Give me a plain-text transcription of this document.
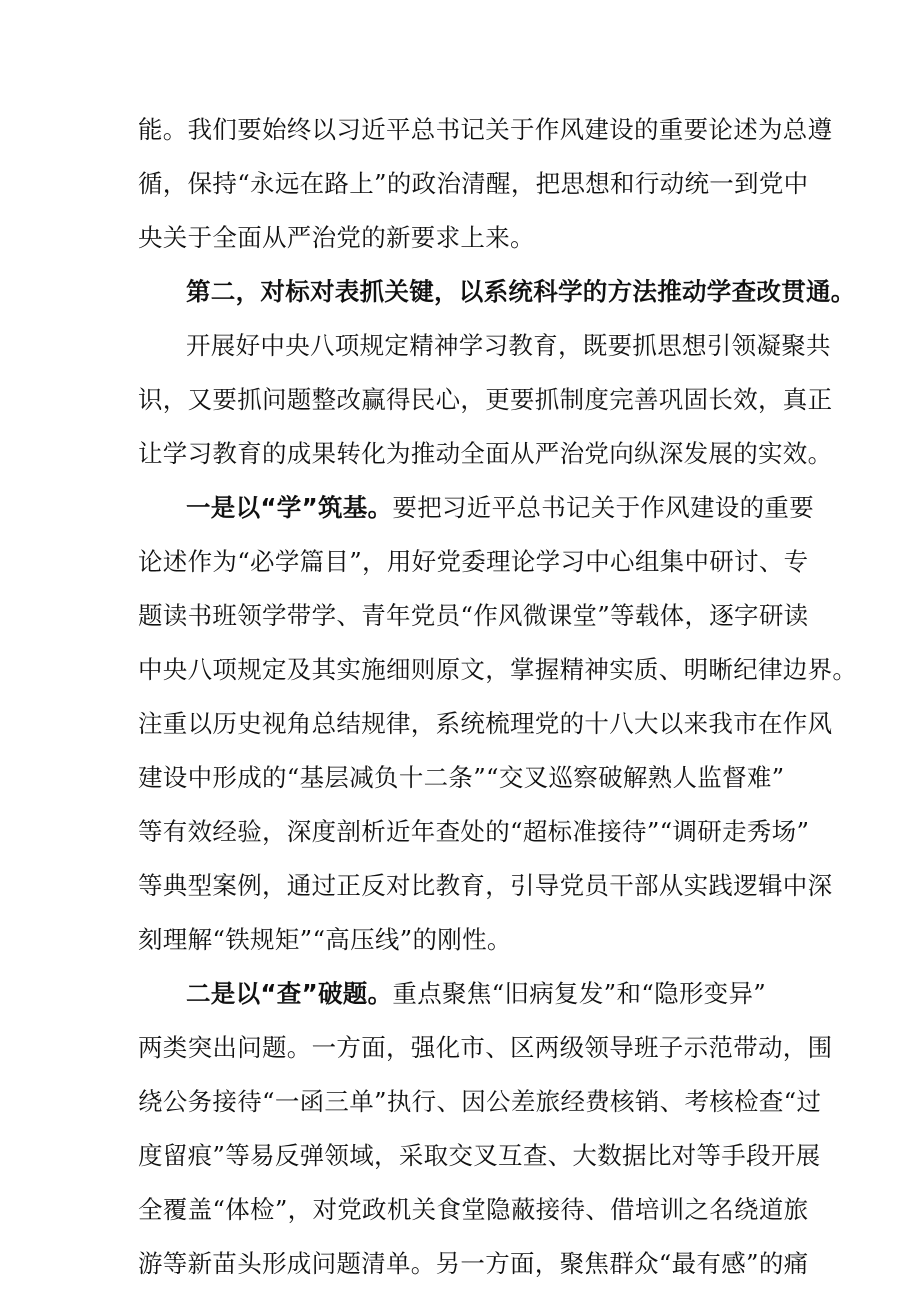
能。我们要始终以习近平总书记关于作风建设的重要论述为总遵
循，保持“永远在路上”的政治清醒，把思想和行动统一到党中
央关于全面从严治党的新要求上来。
第二，对标对表抓关键，以系统科学的方法推动学查改贯通。
开展好中央八项规定精神学习教育，既要抓思想引领凝聚共
识，又要抓问题整改赢得民心，更要抓制度完善巩固长效，真正
让学习教育的成果转化为推动全面从严治党向纵深发展的实效。
一是以“学”筑基。要把习近平总书记关于作风建设的重要
论述作为“必学篇目”，用好党委理论学习中心组集中研讨、专
题读书班领学带学、青年党员“作风微课堂”等载体，逐字研读
中央八项规定及其实施细则原文，掌握精神实质、明晰纪律边界。
注重以历史视角总结规律，系统梳理党的十八大以来我市在作风
建设中形成的“基层减负十二条”“交叉巡察破解熟人监督难”
等有效经验，深度剖析近年查处的“超标准接待”“调研走秀场”
等典型案例，通过正反对比教育，引导党员干部从实践逻辑中深
刻理解“铁规矩”“高压线”的刚性。
二是以“查”破题。重点聚焦“旧病复发”和“隐形变异”
两类突出问题。一方面，强化市、区两级领导班子示范带动，围
绕公务接待“一函三单”执行、因公差旅经费核销、考核检查“过
度留痕”等易反弹领域，采取交叉互查、大数据比对等手段开展
全覆盖“体检”，对党政机关食堂隐蔽接待、借培训之名绕道旅
游等新苗头形成问题清单。另一方面，聚焦群众“最有感”的痛
